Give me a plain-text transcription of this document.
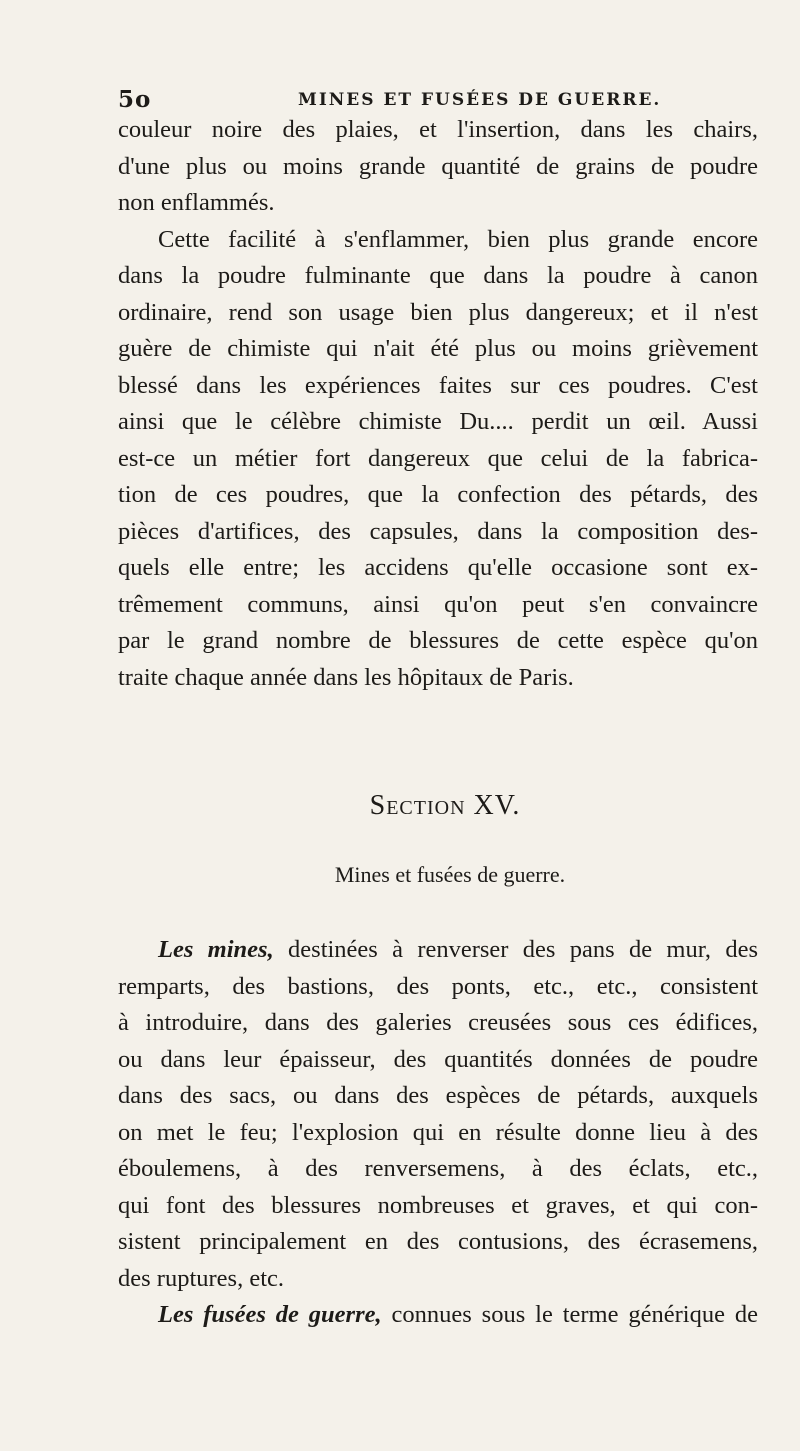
5o	MINES ET FUSÉES DE GUERRE.
couleur noire des plaies, et l'insertion, dans les chairs,
d'une plus ou moins grande quantité de grains de poudre
non enflammés.
Cette facilité à s'enflammer, bien plus grande encore
dans la poudre fulminante que dans la poudre à canon
ordinaire, rend son usage bien plus dangereux; et il n'est
guère de chimiste qui n'ait été plus ou moins grièvement
blessé dans les expériences faites sur ces poudres. C'est
ainsi que le célèbre chimiste Du.... perdit un œil. Aussi
est-ce un métier fort dangereux que celui de la fabrica-
tion de ces poudres, que la confection des pétards, des
pièces d'artifices, des capsules, dans la composition des-
quels elle entre; les accidens qu'elle occasione sont ex-
trêmement communs, ainsi qu'on peut s'en convaincre
par le grand nombre de blessures de cette espèce qu'on
traite chaque année dans les hôpitaux de Paris.
Section XV.
Mines et fusées de guerre.
Les mines, destinées à renverser des pans de mur, des
remparts, des bastions, des ponts, etc., etc., consistent
à introduire, dans des galeries creusées sous ces édifices,
ou dans leur épaisseur, des quantités données de poudre
dans des sacs, ou dans des espèces de pétards, auxquels
on met le feu; l'explosion qui en résulte donne lieu à des
éboulemens, à des renversemens, à des éclats, etc.,
qui font des blessures nombreuses et graves, et qui con-
sistent principalement en des contusions, des écrasemens,
des ruptures, etc.
Les fusées de guerre, connues sous le terme générique de
